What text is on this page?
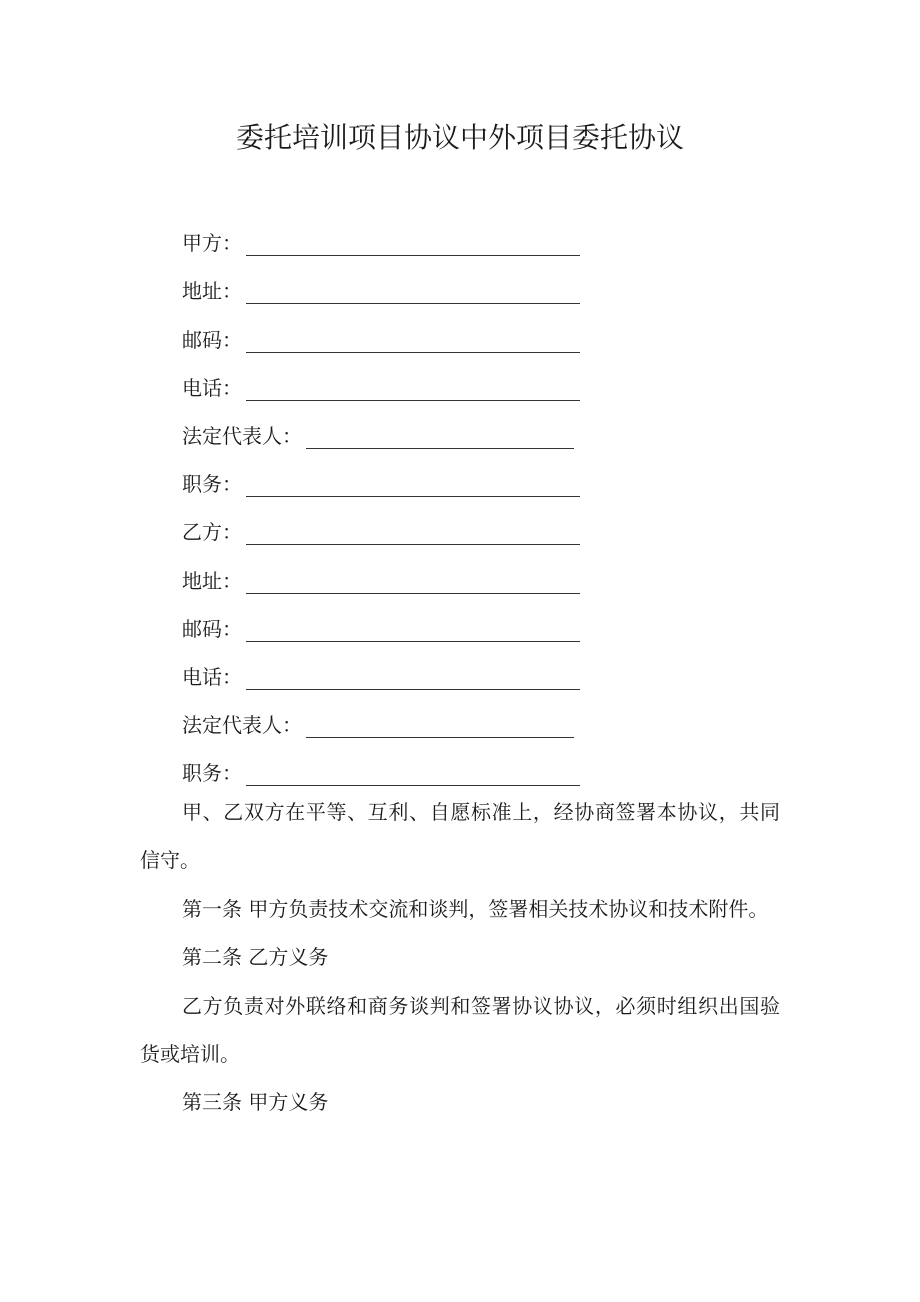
委托培训项目协议中外项目委托协议
甲方：
地址：
邮码：
电话：
法定代表人：
职务：
乙方：
地址：
邮码：
电话：
法定代表人：
职务：

甲、乙双方在平等、互利、自愿标准上，经协商签署本协议，共同信守。

第一条 甲方负责技术交流和谈判，签署相关技术协议和技术附件。

第二条 乙方义务

乙方负责对外联络和商务谈判和签署协议协议，必须时组织出国验货或培训。

第三条 甲方义务
